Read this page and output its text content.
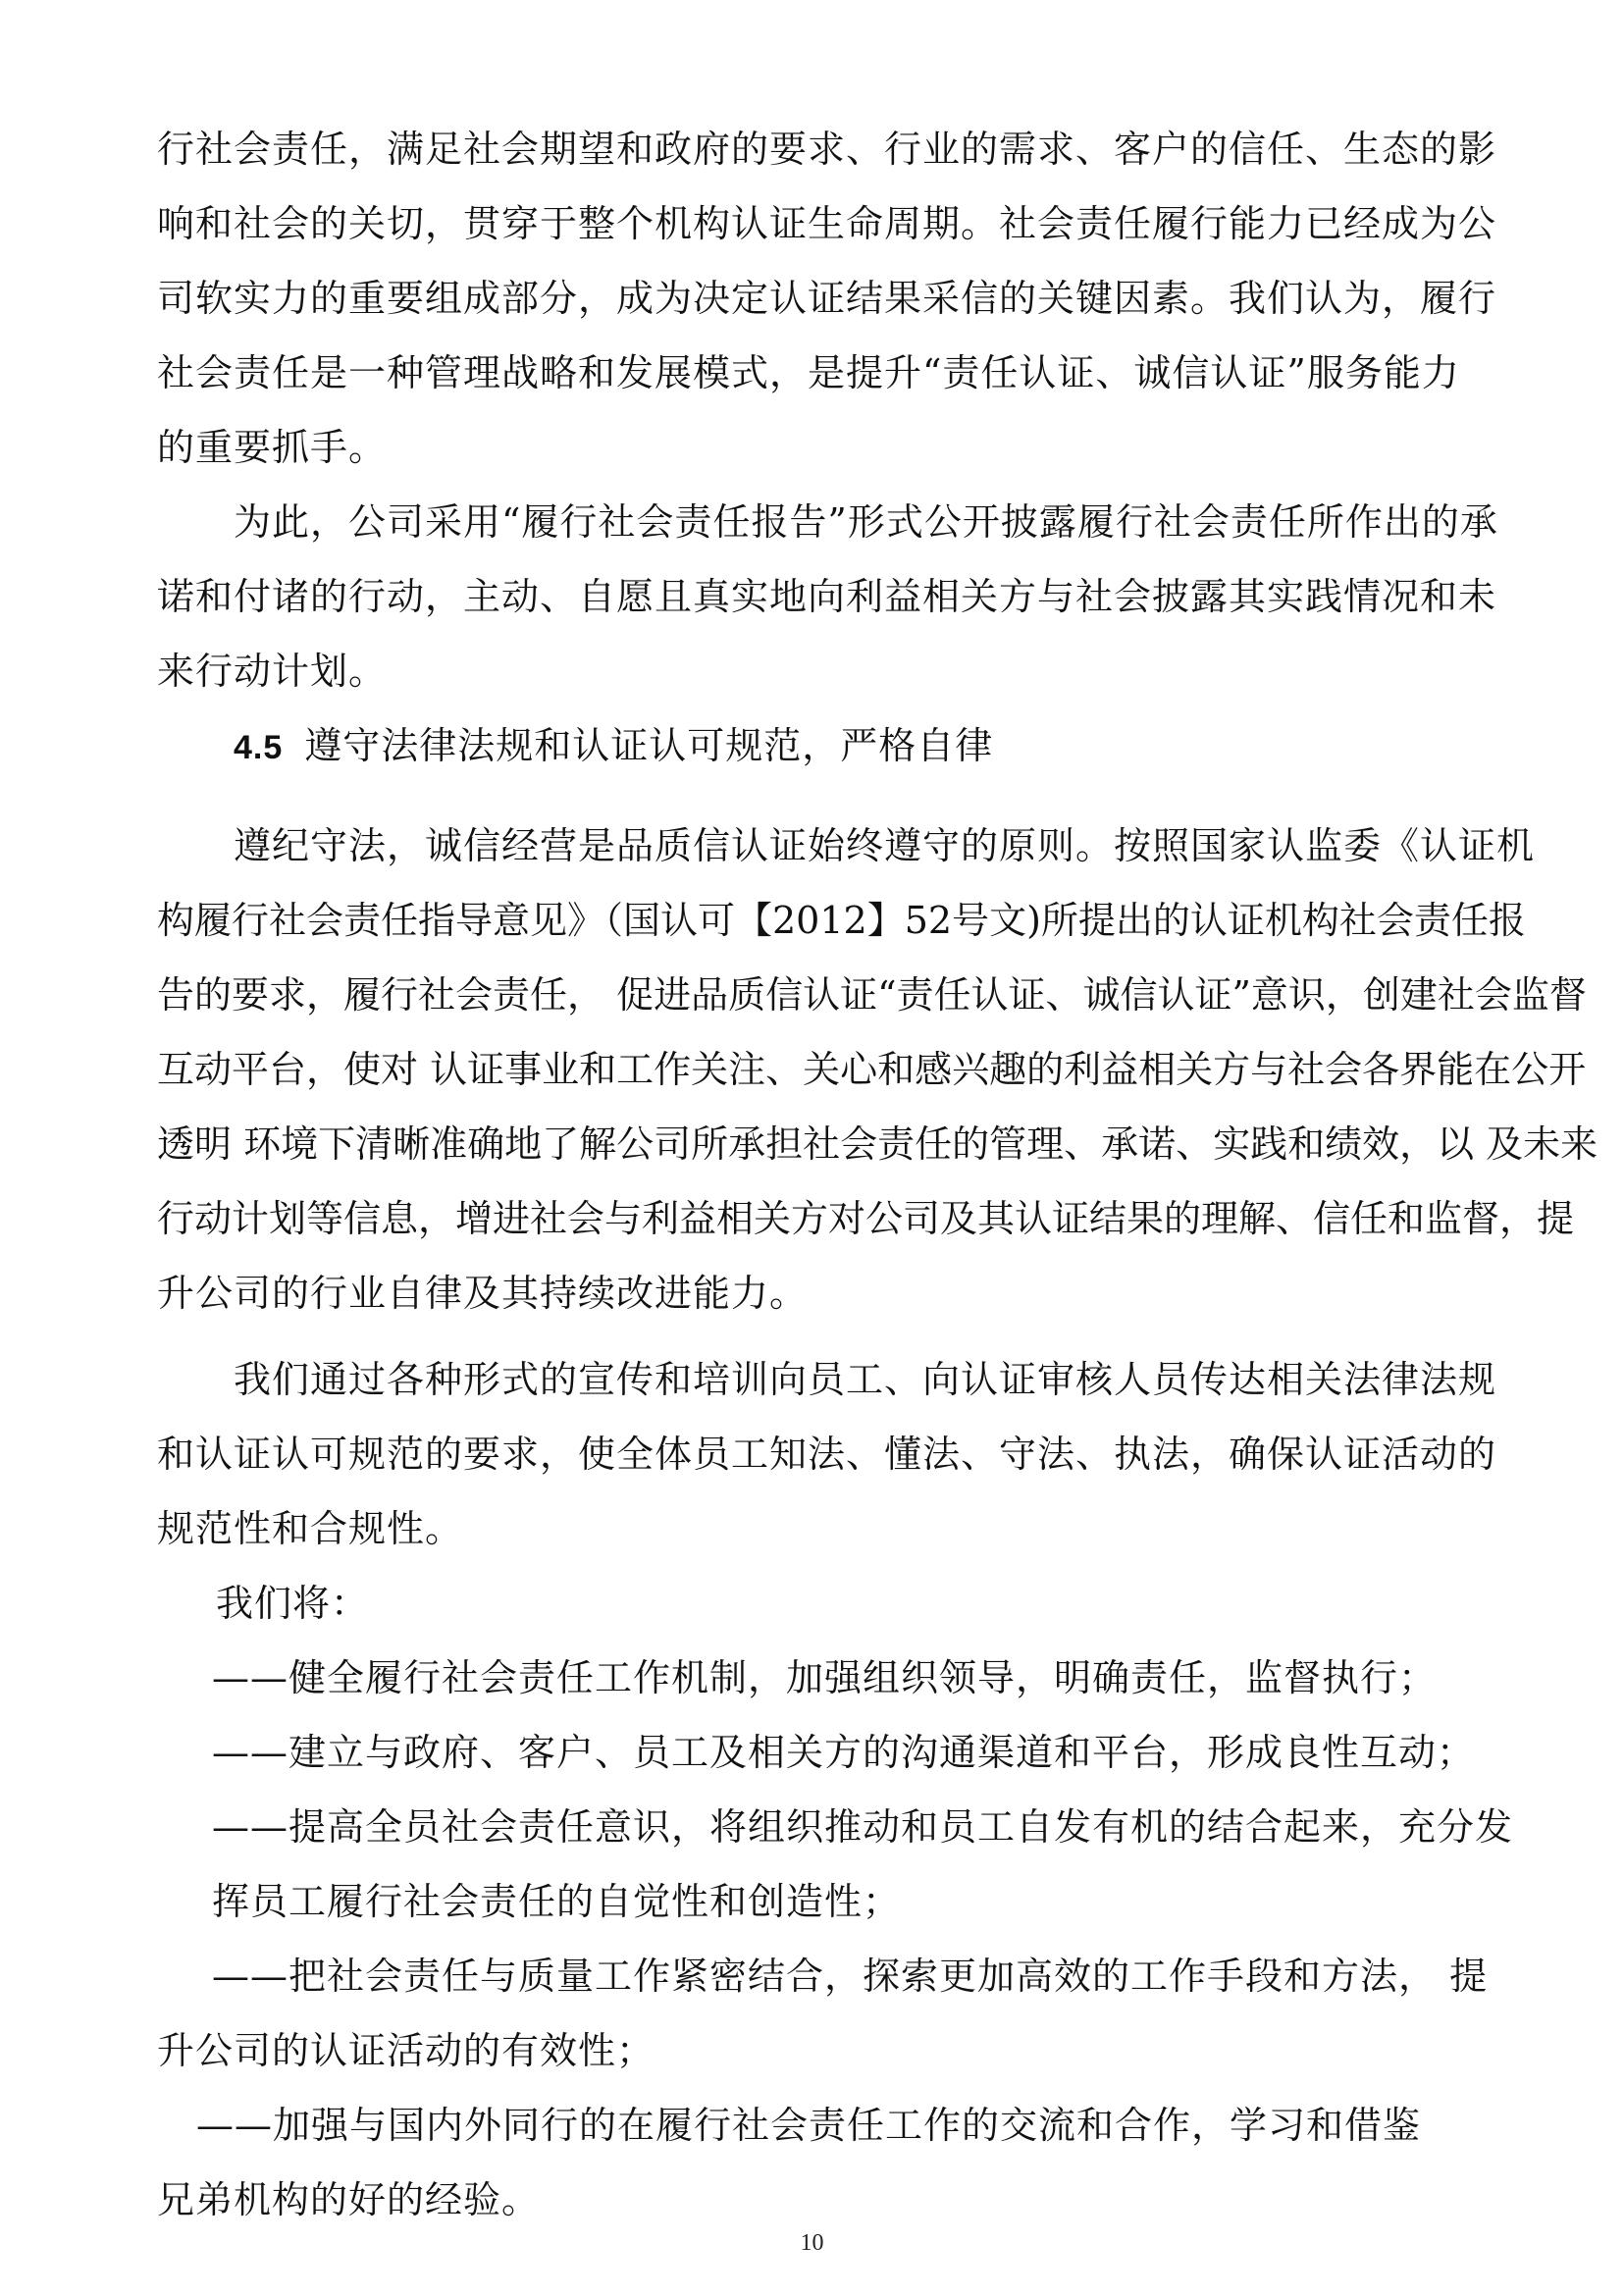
行社会责任，满足社会期望和政府的要求、行业的需求、客户的信任、生态的影
响和社会的关切，贯穿于整个机构认证生命周期。社会责任履行能力已经成为公
司软实力的重要组成部分，成为决定认证结果采信的关键因素。我们认为，履行
社会责任是一种管理战略和发展模式，是提升“责任认证、诚信认证”服务能力
的重要抓手。
为此，公司采用“履行社会责任报告”形式公开披露履行社会责任所作出的承
诺和付诸的行动，主动、自愿且真实地向利益相关方与社会披露其实践情况和未
来行动计划。
4.5 遵守法律法规和认证认可规范，严格自律
遵纪守法，诚信经营是品质信认证始终遵守的原则。按照国家认监委《认证机
构履行社会责任指导意见》（国认可【2012】52号文)所提出的认证机构社会责任报
告的要求，履行社会责任， 促进品质信认证“责任认证、诚信认证”意识，创建社会监督
互动平台，使对 认证事业和工作关注、关心和感兴趣的利益相关方与社会各界能在公开
透明 环境下清晰准确地了解公司所承担社会责任的管理、承诺、实践和绩效，以 及未来
行动计划等信息，增进社会与利益相关方对公司及其认证结果的理解、信任和监督，提
升公司的行业自律及其持续改进能力。
我们通过各种形式的宣传和培训向员工、向认证审核人员传达相关法律法规
和认证认可规范的要求，使全体员工知法、懂法、守法、执法，确保认证活动的
规范性和合规性。
我们将：
——健全履行社会责任工作机制，加强组织领导，明确责任，监督执行；
——建立与政府、客户、员工及相关方的沟通渠道和平台，形成良性互动；
——提高全员社会责任意识，将组织推动和员工自发有机的结合起来，充分发
挥员工履行社会责任的自觉性和创造性；
——把社会责任与质量工作紧密结合，探索更加高效的工作手段和方法， 提
升公司的认证活动的有效性；
——加强与国内外同行的在履行社会责任工作的交流和合作，学习和借鉴
兄弟机构的好的经验。
10
